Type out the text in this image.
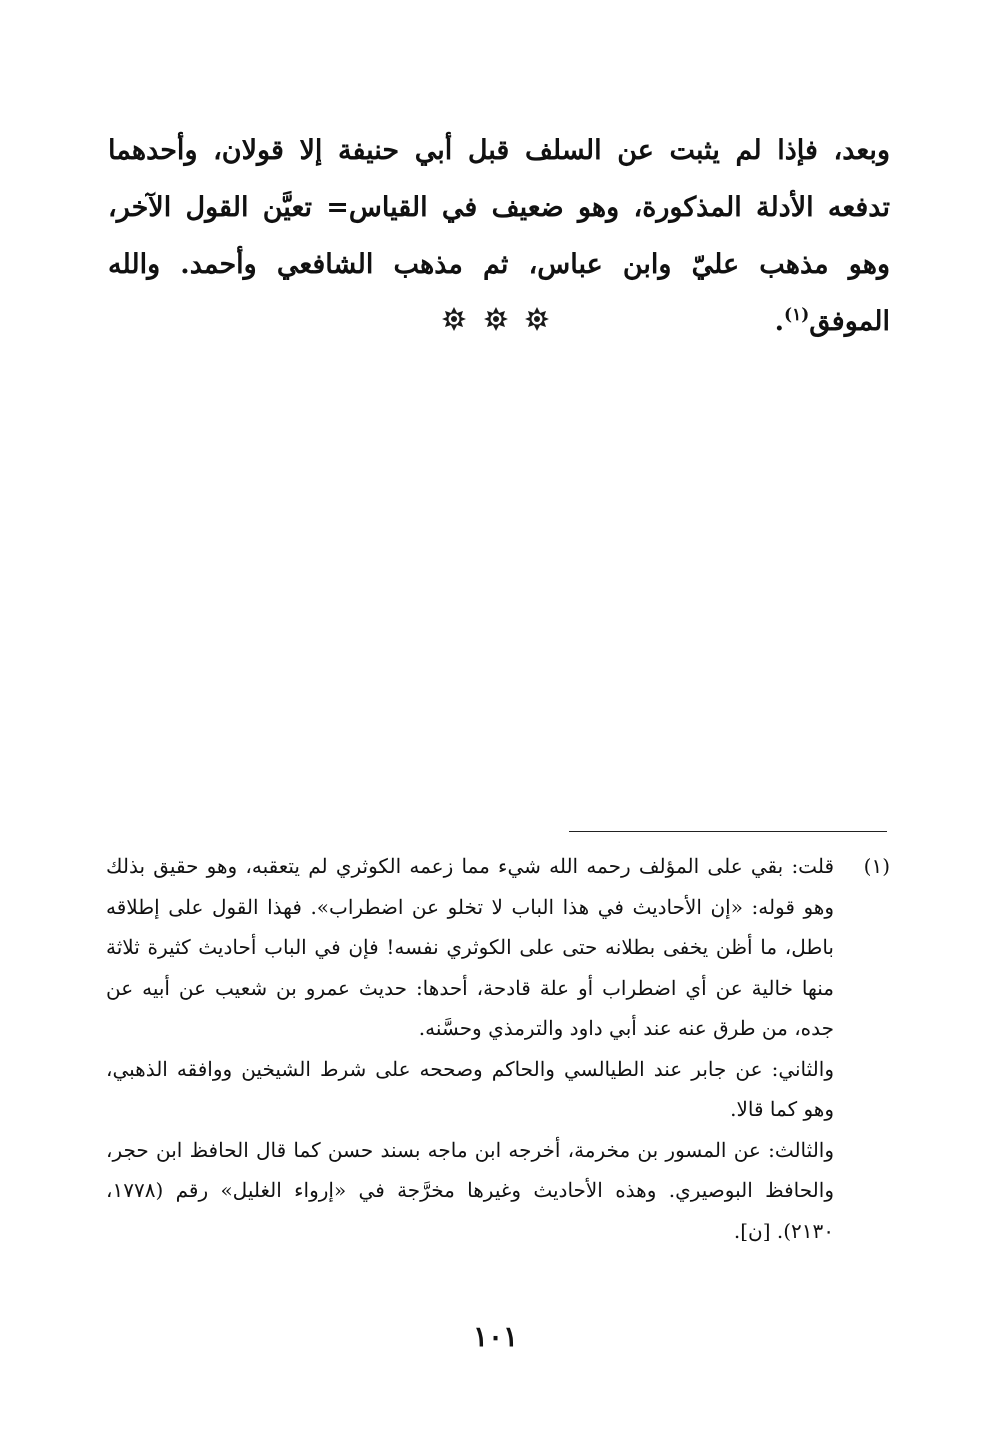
وبعد، فإذا لم يثبت عن السلف قبل أبي حنيفة إلا قولان، وأحدهما تدفعه الأدلة المذكورة، وهو ضعيف في القياس= تعيَّن القول الآخر، وهو مذهب عليّ وابن عباس، ثم مذهب الشافعي وأحمد. والله الموفق$^{(١)}$.

(١)

قلت: بقي على المؤلف رحمه الله شيء مما زعمه الكوثري لم يتعقبه، وهو حقيق بذلك وهو قوله: «إن الأحاديث في هذا الباب لا تخلو عن اضطراب». فهذا القول على إطلاقه باطل، ما أظن يخفى بطلانه حتى على الكوثري نفسه! فإن في الباب أحاديث كثيرة ثلاثة منها خالية عن أي اضطراب أو علة قادحة، أحدها: حديث عمرو بن شعيب عن أبيه عن جده، من طرق عنه عند أبي داود والترمذي وحسَّنه.

والثاني: عن جابر عند الطيالسي والحاكم وصححه على شرط الشيخين ووافقه الذهبي، وهو كما قالا.

والثالث: عن المسور بن مخرمة، أخرجه ابن ماجه بسند حسن كما قال الحافظ ابن حجر، والحافظ البوصيري. وهذه الأحاديث وغيرها مخرَّجة في «إرواء الغليل» رقم (١٧٧٨، ٢١٣٠). [ن].

١٠١
